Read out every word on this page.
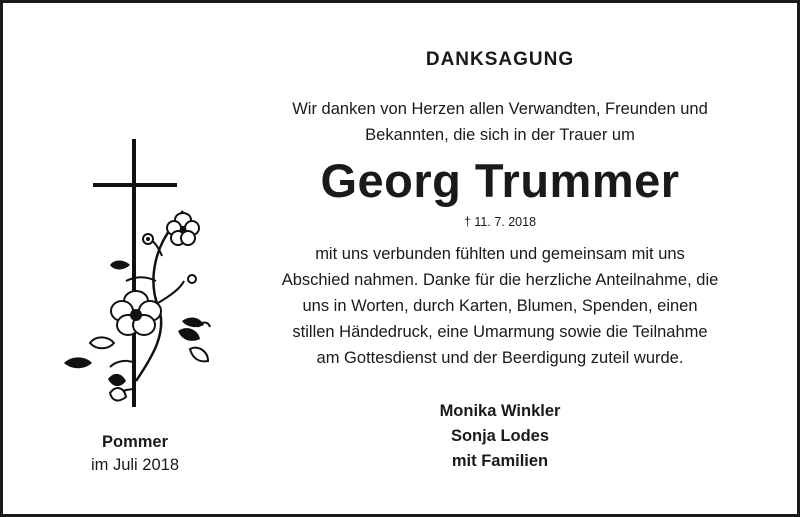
DANKSAGUNG
Wir danken von Herzen allen Verwandten, Freunden und
Bekannten, die sich in der Trauer um
Georg Trummer
† 11. 7. 2018
mit uns verbunden fühlten und gemeinsam mit uns
Abschied nahmen. Danke für die herzliche Anteilnahme, die
uns in Worten, durch Karten, Blumen, Spenden, einen
stillen Händedruck, eine Umarmung sowie die Teilnahme
am Gottesdienst und der Beerdigung zuteil wurde.
Monika Winkler
Sonja Lodes
mit Familien
Pommer
im Juli 2018
